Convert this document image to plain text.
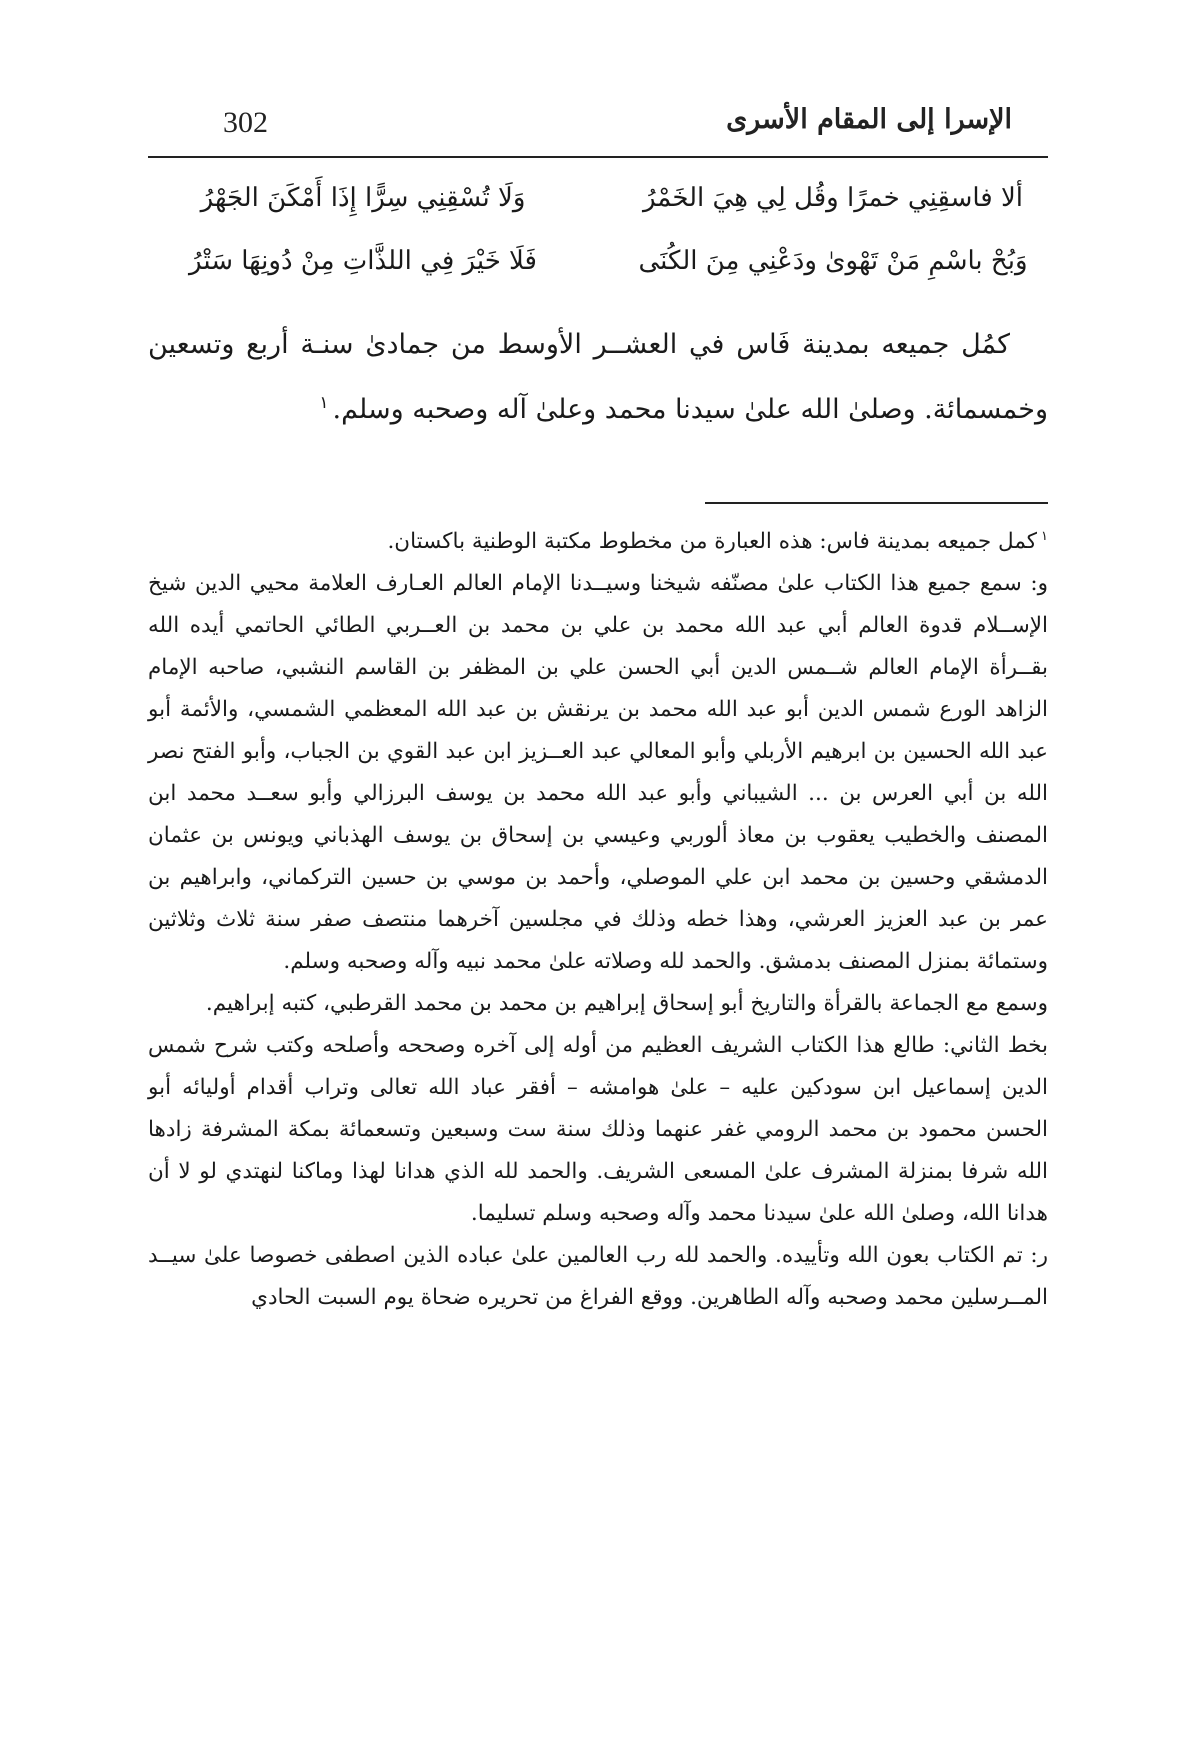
302	الإسرا إلى المقام الأسرى
ألا فاسقِنِي خمرًا وقُل لِي هِيَ الخَمْرُ
وَلَا تُسْقِنِي سِرًّا إِذَا أَمْكَنَ الجَهْرُ
وَبُحْ باسْمِ مَنْ تَهْوىٰ ودَعْنِي مِنَ الكُنَى
فَلَا خَيْرَ فِي اللذَّاتِ مِنْ دُونِهَا سَتْرُ
كمُل جميعه بمدينة فَاس في العشــر الأوسط من جمادىٰ سنـة أربع وتسعين وخمسمائة. وصلىٰ الله علىٰ سيدنا محمد وعلىٰ آله وصحبه وسلم.$^١$

$^١$كمل جميعه بمدينة فاس: هذه العبارة من مخطوط مكتبة الوطنية باكستان.

و: سمع جميع هذا الكتاب علىٰ مصنّفه شيخنا وسيــدنا الإمام العالم العـارف العلامة محيي الدين شيخ الإســلام قدوة العالم أبي عبد الله محمد بن علي بن محمد بن العــربي الطائي الحاتمي أيده الله بقــرأة الإمام العالم شــمس الدين أبي الحسن علي بن المظفر بن القاسم النشبي، صاحبه الإمام الزاهد الورع شمس الدين أبو عبد الله محمد بن يرنقش بن عبد الله المعظمي الشمسي، والأئمة أبو عبد الله الحسين بن ابرهيم الأربلي وأبو المعالي عبد العــزيز ابن عبد القوي بن الجباب، وأبو الفتح نصر الله بن أبي العرس بن ... الشيباني وأبو عبد الله محمد بن يوسف البرزالي وأبو سعــد محمد ابن المصنف والخطيب يعقوب بن معاذ ألوربي وعيسي بن إسحاق بن يوسف الهذباني ويونس بن عثمان الدمشقي وحسين بن محمد ابن علي الموصلي، وأحمد بن موسي بن حسين التركماني، وابراهيم بن عمر بن عبد العزيز العرشي، وهذا خطه وذلك في مجلسين آخرهما منتصف صفر سنة ثلاث وثلاثين وستمائة بمنزل المصنف بدمشق. والحمد لله وصلاته علىٰ محمد نبيه وآله وصحبه وسلم.

وسمع مع الجماعة بالقرأة والتاريخ أبو إسحاق إبراهيم بن محمد بن محمد القرطبي، كتبه إبراهيم.

بخط الثاني: طالع هذا الكتاب الشريف العظيم من أوله إلى آخره وصححه وأصلحه وكتب شرح شمس الدين إسماعيل ابن سودكين عليه – علىٰ هوامشه – أفقر عباد الله تعالى وتراب أقدام أوليائه أبو الحسن محمود بن محمد الرومي غفر عنهما وذلك سنة ست وسبعين وتسعمائة بمكة المشرفة زادها الله شرفا بمنزلة المشرف علىٰ المسعى الشريف. والحمد لله الذي هدانا لهذا وماكنا لنهتدي لو لا أن هدانا الله، وصلىٰ الله علىٰ سيدنا محمد وآله وصحبه وسلم تسليما.

ر: تم الكتاب بعون الله وتأييده. والحمد لله رب العالمين علىٰ عباده الذين اصطفى خصوصا علىٰ سيــد المــرسلين محمد وصحبه وآله الطاهرين. ووقع الفراغ من تحريره ضحاة يوم السبت الحادي
